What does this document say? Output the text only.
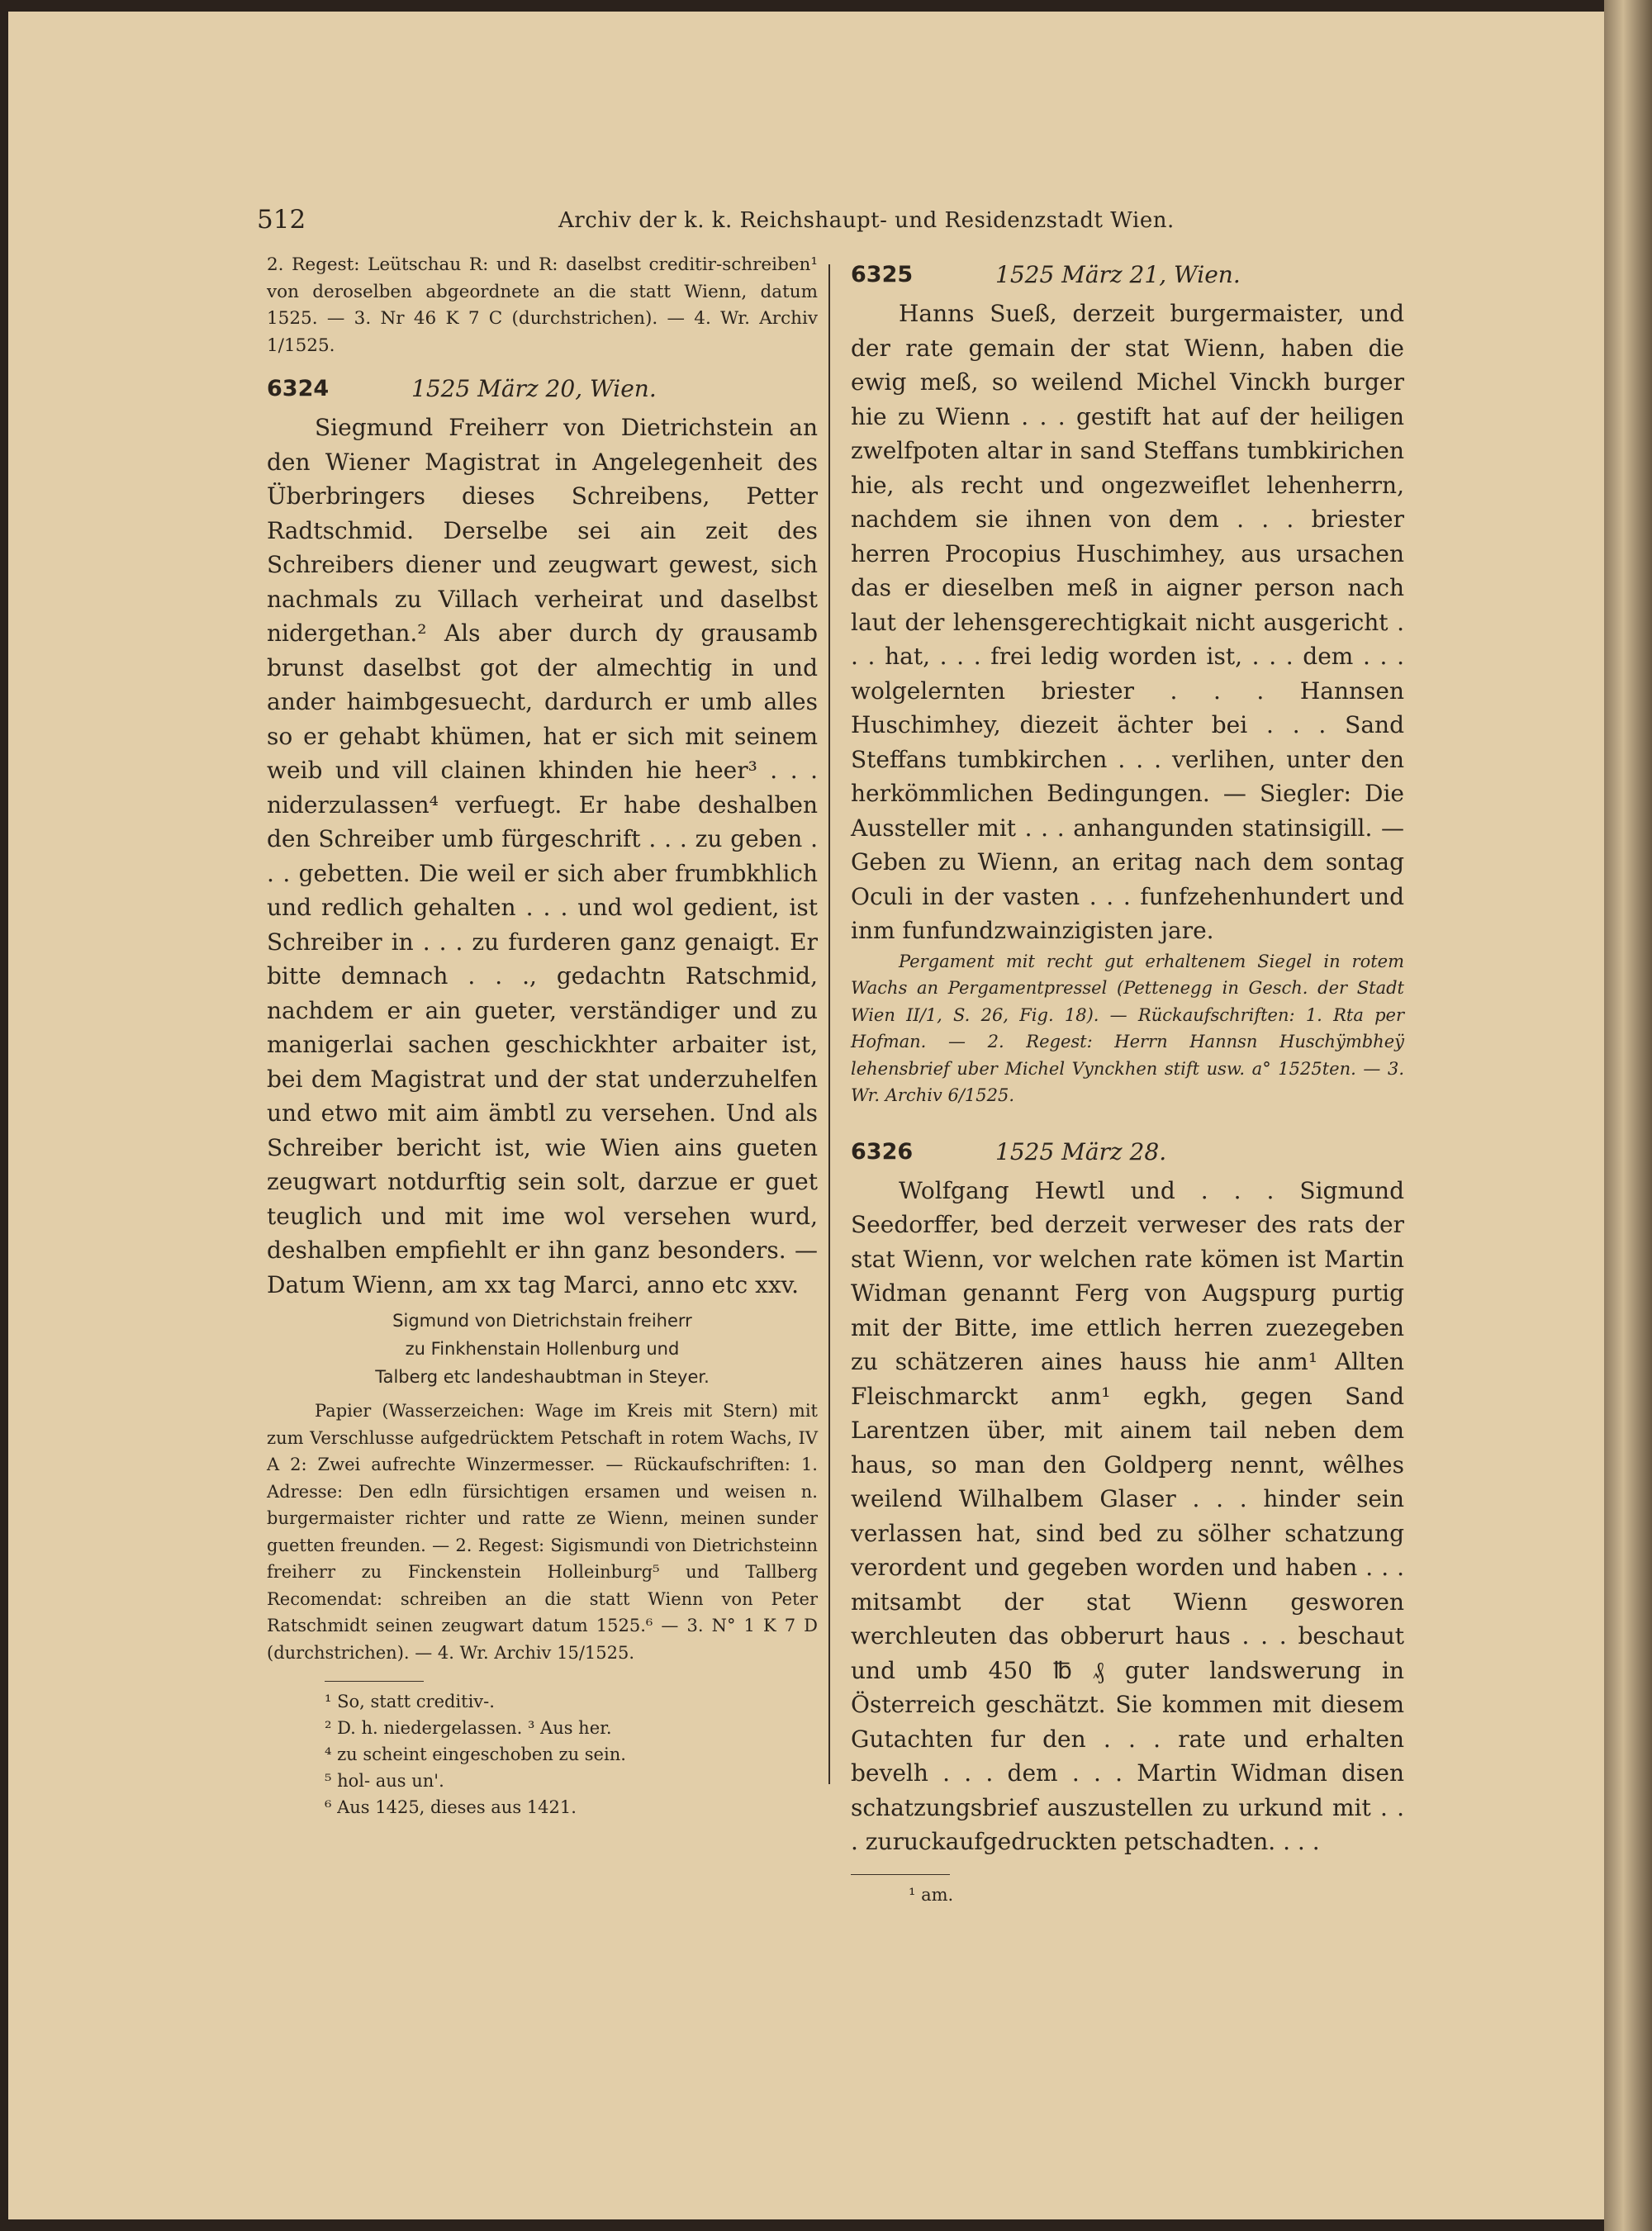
512	Archiv der k. k. Reichshaupt- und Residenzstadt Wien.

2. Regest: Leütschau R: und R: daselbst creditir-schreiben¹ von deroselben abgeordnete an die statt Wienn, datum 1525. — 3. Nr 46 K 7 C (durchstrichen). — 4. Wr. Archiv 1/1525.

6324	1525 März 20, Wien.

Siegmund Freiherr von Dietrichstein an den Wiener Magistrat in Angelegenheit des Überbringers dieses Schreibens, Petter Radtschmid. Derselbe sei ain zeit des Schreibers diener und zeugwart gewest, sich nachmals zu Villach verheirat und daselbst nidergethan.² Als aber durch dy grausamb brunst daselbst got der almechtig in und ander haimbgesuecht, dardurch er umb alles so er gehabt khümen, hat er sich mit seinem weib und vill clainen khinden hie heer³ . . . niderzulassen⁴ verfuegt. Er habe deshalben den Schreiber umb fürgeschrift . . . zu geben . . . gebetten. Die weil er sich aber frumbkhlich und redlich gehalten . . . und wol gedient, ist Schreiber in . . . zu furderen ganz genaigt. Er bitte demnach . . ., gedachtn Ratschmid, nachdem er ain gueter, verständiger und zu manigerlai sachen geschickhter arbaiter ist, bei dem Magistrat und der stat underzuhelfen und etwo mit aim ämbtl zu versehen. Und als Schreiber bericht ist, wie Wien ains gueten zeugwart notdurftig sein solt, darzue er guet teuglich und mit ime wol versehen wurd, deshalben empfiehlt er ihn ganz besonders. — Datum Wienn, am xx tag Marci, anno etc xxv.

Sigmund von Dietrichstain freiherr
zu Finkhenstain Hollenburg und
Talberg etc landeshaubtman in Steyer.

Papier (Wasserzeichen: Wage im Kreis mit Stern) mit zum Verschlusse aufgedrücktem Petschaft in rotem Wachs, IV A 2: Zwei aufrechte Winzermesser. — Rückaufschriften: 1. Adresse: Den edln fürsichtigen ersamen und weisen n. burgermaister richter und ratte ze Wienn, meinen sunder guetten freunden. — 2. Regest: Sigismundi von Dietrichsteinn freiherr zu Finckenstein Holleinburg⁵ und Tallberg Recomendat: schreiben an die statt Wienn von Peter Ratschmidt seinen zeugwart datum 1525.⁶ — 3. N° 1 K 7 D (durchstrichen). — 4. Wr. Archiv 15/1525.

¹ So, statt creditiv-.

² D. h. niedergelassen. ³ Aus her.

⁴ zu scheint eingeschoben zu sein.

⁵ hol- aus un'.

⁶ Aus 1425, dieses aus 1421.

6325	1525 März 21, Wien.

Hanns Sueß, derzeit burgermaister, und der rate gemain der stat Wienn, haben die ewig meß, so weilend Michel Vinckh burger hie zu Wienn . . . gestift hat auf der heiligen zwelfpoten altar in sand Steffans tumbkirichen hie, als recht und ongezweiflet lehenherrn, nachdem sie ihnen von dem . . . briester herren Procopius Huschimhey, aus ursachen das er dieselben meß in aigner person nach laut der lehensgerechtigkait nicht ausgericht . . . hat, . . . frei ledig worden ist, . . . dem . . . wolgelernten briester . . . Hannsen Huschimhey, diezeit ächter bei . . . Sand Steffans tumbkirchen . . . verlihen, unter den herkömmlichen Bedingungen. — Siegler: Die Aussteller mit . . . anhangunden statinsigill. — Geben zu Wienn, an eritag nach dem sontag Oculi in der vasten . . . funfzehenhundert und inm funfundzwainzigisten jare.

Pergament mit recht gut erhaltenem Siegel in rotem Wachs an Pergamentpressel (Pettenegg in Gesch. der Stadt Wien II/1, S. 26, Fig. 18). — Rückaufschriften: 1. Rta per Hofman. — 2. Regest: Herrn Hannsn Huschÿmbheÿ lehensbrief uber Michel Vynckhen stift usw. a° 1525ten. — 3. Wr. Archiv 6/1525.

6326	1525 März 28.

Wolfgang Hewtl und . . . Sigmund Seedorffer, bed derzeit verweser des rats der stat Wienn, vor welchen rate kömen ist Martin Widman genannt Ferg von Augspurg purtig mit der Bitte, ime ettlich herren zuezegeben zu schätzeren aines hauss hie anm¹ Allten Fleischmarckt anm¹ egkh, gegen Sand Larentzen über, mit ainem tail neben dem haus, so man den Goldperg nennt, wêlhes weilend Wilhalbem Glaser . . . hinder sein verlassen hat, sind bed zu sölher schatzung verordent und gegeben worden und haben . . . mitsambt der stat Wienn gesworen werchleuten das obberurt haus . . . beschaut und umb 450 ℔ ₰ guter landswerung in Österreich geschätzt. Sie kommen mit diesem Gutachten fur den . . . rate und erhalten bevelh . . . dem . . . Martin Widman disen schatzungsbrief auszustellen zu urkund mit . . . zuruckaufgedruckten petschadten. . . .

¹ am.
